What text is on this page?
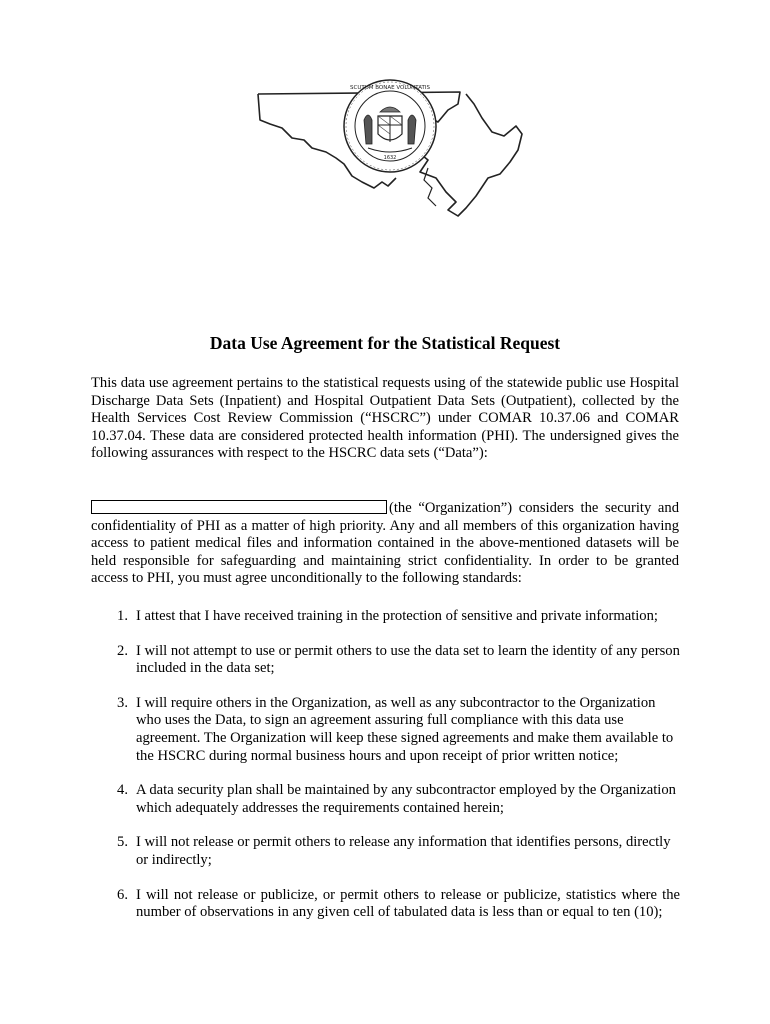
SCUTUM BONAE VOLUNTATIS
1632
Data Use Agreement for the Statistical Request

This data use agreement pertains to the statistical requests using of the statewide public use Hospital Discharge Data Sets (Inpatient) and Hospital Outpatient Data Sets (Outpatient), collected by the Health Services Cost Review Commission (“HSCRC”) under COMAR 10.37.06 and COMAR 10.37.04. These data are considered protected health information (PHI). The undersigned gives the following assurances with respect to the HSCRC data sets (“Data”):

(the “Organization”) considers the security and confidentiality of PHI as a matter of high priority. Any and all members of this organization having access to patient medical files and information contained in the above-mentioned datasets will be held responsible for safeguarding and maintaining strict confidentiality. In order to be granted access to PHI, you must agree unconditionally to the following standards:

1. I attest that I have received training in the protection of sensitive and private information;
2. I will not attempt to use or permit others to use the data set to learn the identity of any person included in the data set;
3. I will require others in the Organization, as well as any subcontractor to the Organization who uses the Data, to sign an agreement assuring full compliance with this data use agreement. The Organization will keep these signed agreements and make them available to the HSCRC during normal business hours and upon receipt of prior written notice;
4. A data security plan shall be maintained by any subcontractor employed by the Organization which adequately addresses the requirements contained herein;
5. I will not release or permit others to release any information that identifies persons, directly or indirectly;
6. I will not release or publicize, or permit others to release or publicize, statistics where the number of observations in any given cell of tabulated data is less than or equal to ten (10);
